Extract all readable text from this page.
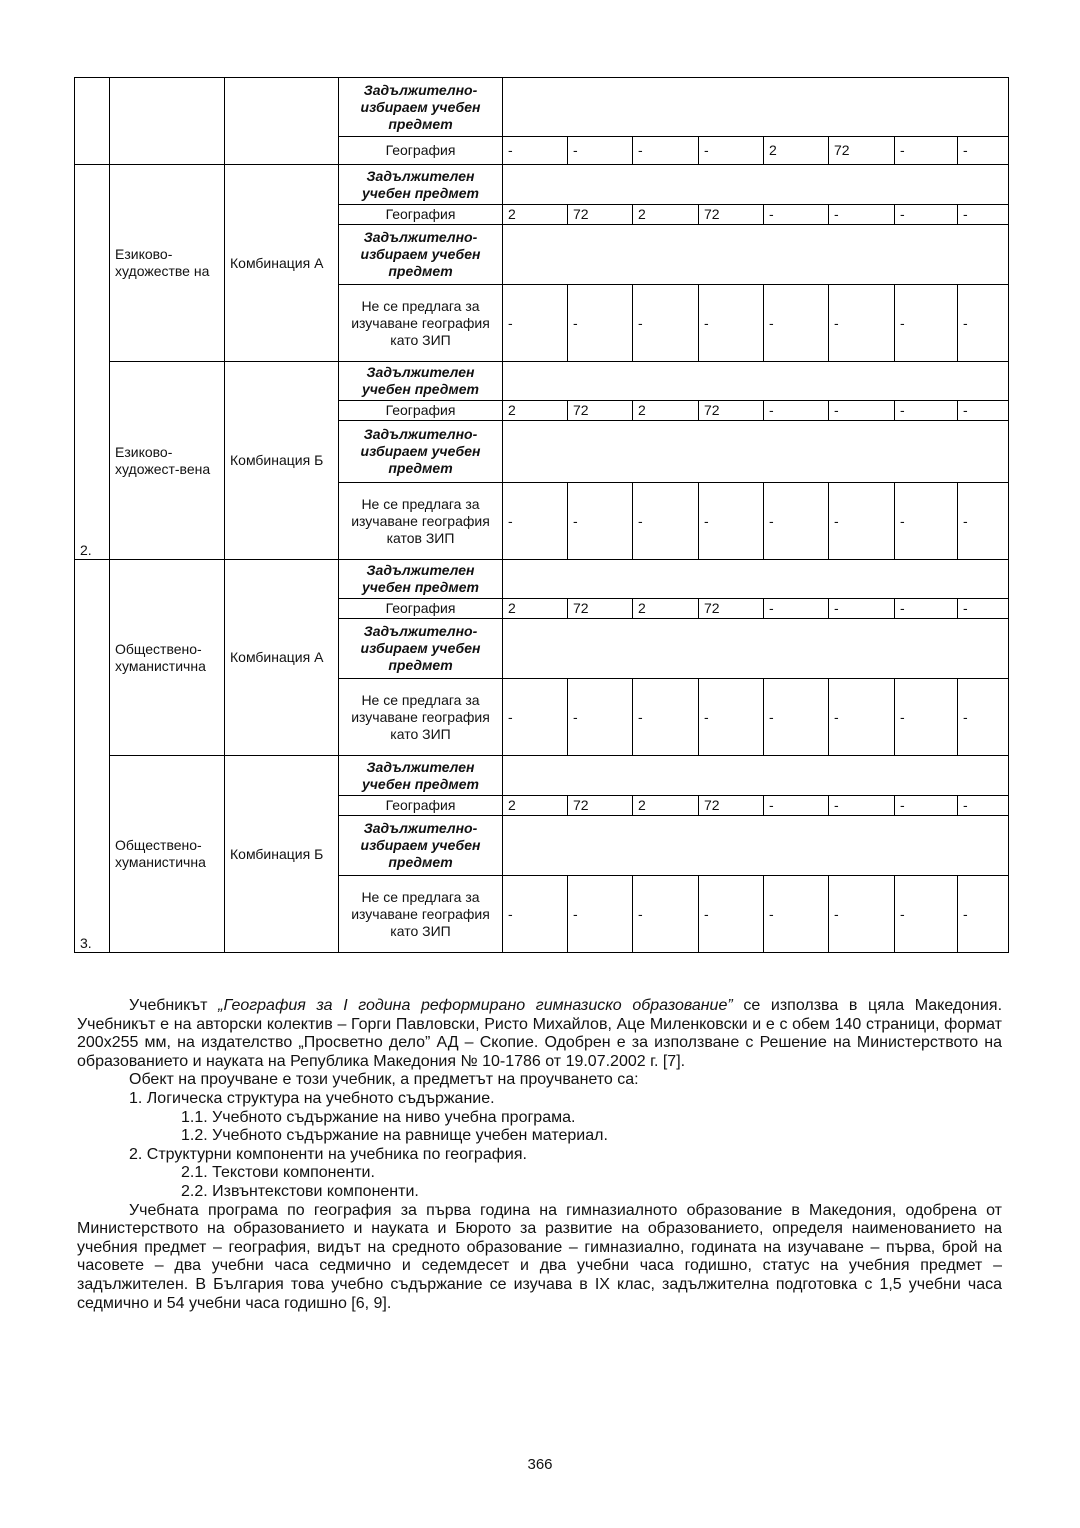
			Задължително-избираем учебен предмет								
			География	-	-	-	-	2	72	-	-
2.	Езиково-художестве на	Комбинация А	Задължителен учебен предмет								
			География	2	72	2	72	-	-	-	-
			Задължително-избираем учебен предмет								
			Не се предлага за изучаване география като ЗИП	-	-	-	-	-	-	-	-
	Езиково-художест-вена	Комбинация Б	Задължителен учебен предмет								
			География	2	72	2	72	-	-	-	-
			Задължително-избираем учебен предмет								
			Не се предлага за изучаване география катов ЗИП	-	-	-	-	-	-	-	-
3.	Обществено-хуманистична	Комбинация А	Задължителен учебен предмет								
			География	2	72	2	72	-	-	-	-
			Задължително-избираем учебен предмет								
			Не се предлага за изучаване география като ЗИП	-	-	-	-	-	-	-	-
	Обществено-хуманистична	Комбинация Б	Задължителен учебен предмет								
			География	2	72	2	72	-	-	-	-
			Задължително-избираем учебен предмет								
			Не се предлага за изучаване география като ЗИП	-	-	-	-	-	-	-	-

Учебникът „География за I година реформирано гимназиско образование” се използва в цяла Македония. Учебникът е на авторски колектив – Горги Павловски, Ристо Михайлов, Аце Миленковски и е с обем 140 страници, формат 200х255 мм, на издателство „Просветно дело” АД – Скопие. Одобрен е за използване с Решение на Министерството на образованието и науката на Република Македония № 10-1786 от 19.07.2002 г. [7].

Обект на проучване е този учебник, а предметът на проучването са:

1. Логическа структура на учебното съдържание.

1.1. Учебното съдържание на ниво учебна програма.

1.2. Учебното съдържание на равнище учебен материал.

2. Структурни компоненти на учебника по география.

2.1. Текстови компоненти.

2.2. Извънтекстови компоненти.

Учебната програма по география за първа година на гимназиалното образование в Македония, одобрена от Министерството на образованието и науката и Бюрото за развитие на образованието, определя наименованието на учебния предмет – география, видът на средното образование – гимназиално, годината на изучаване – първа, брой на часовете – два учебни часа седмично и седемдесет и два учебни часа годишно, статус на учебния предмет – задължителен. В България това учебно съдържание се изучава в IX клас, задължителна подготовка с 1,5 учебни часа седмично и 54 учебни часа годишно [6, 9].

366
